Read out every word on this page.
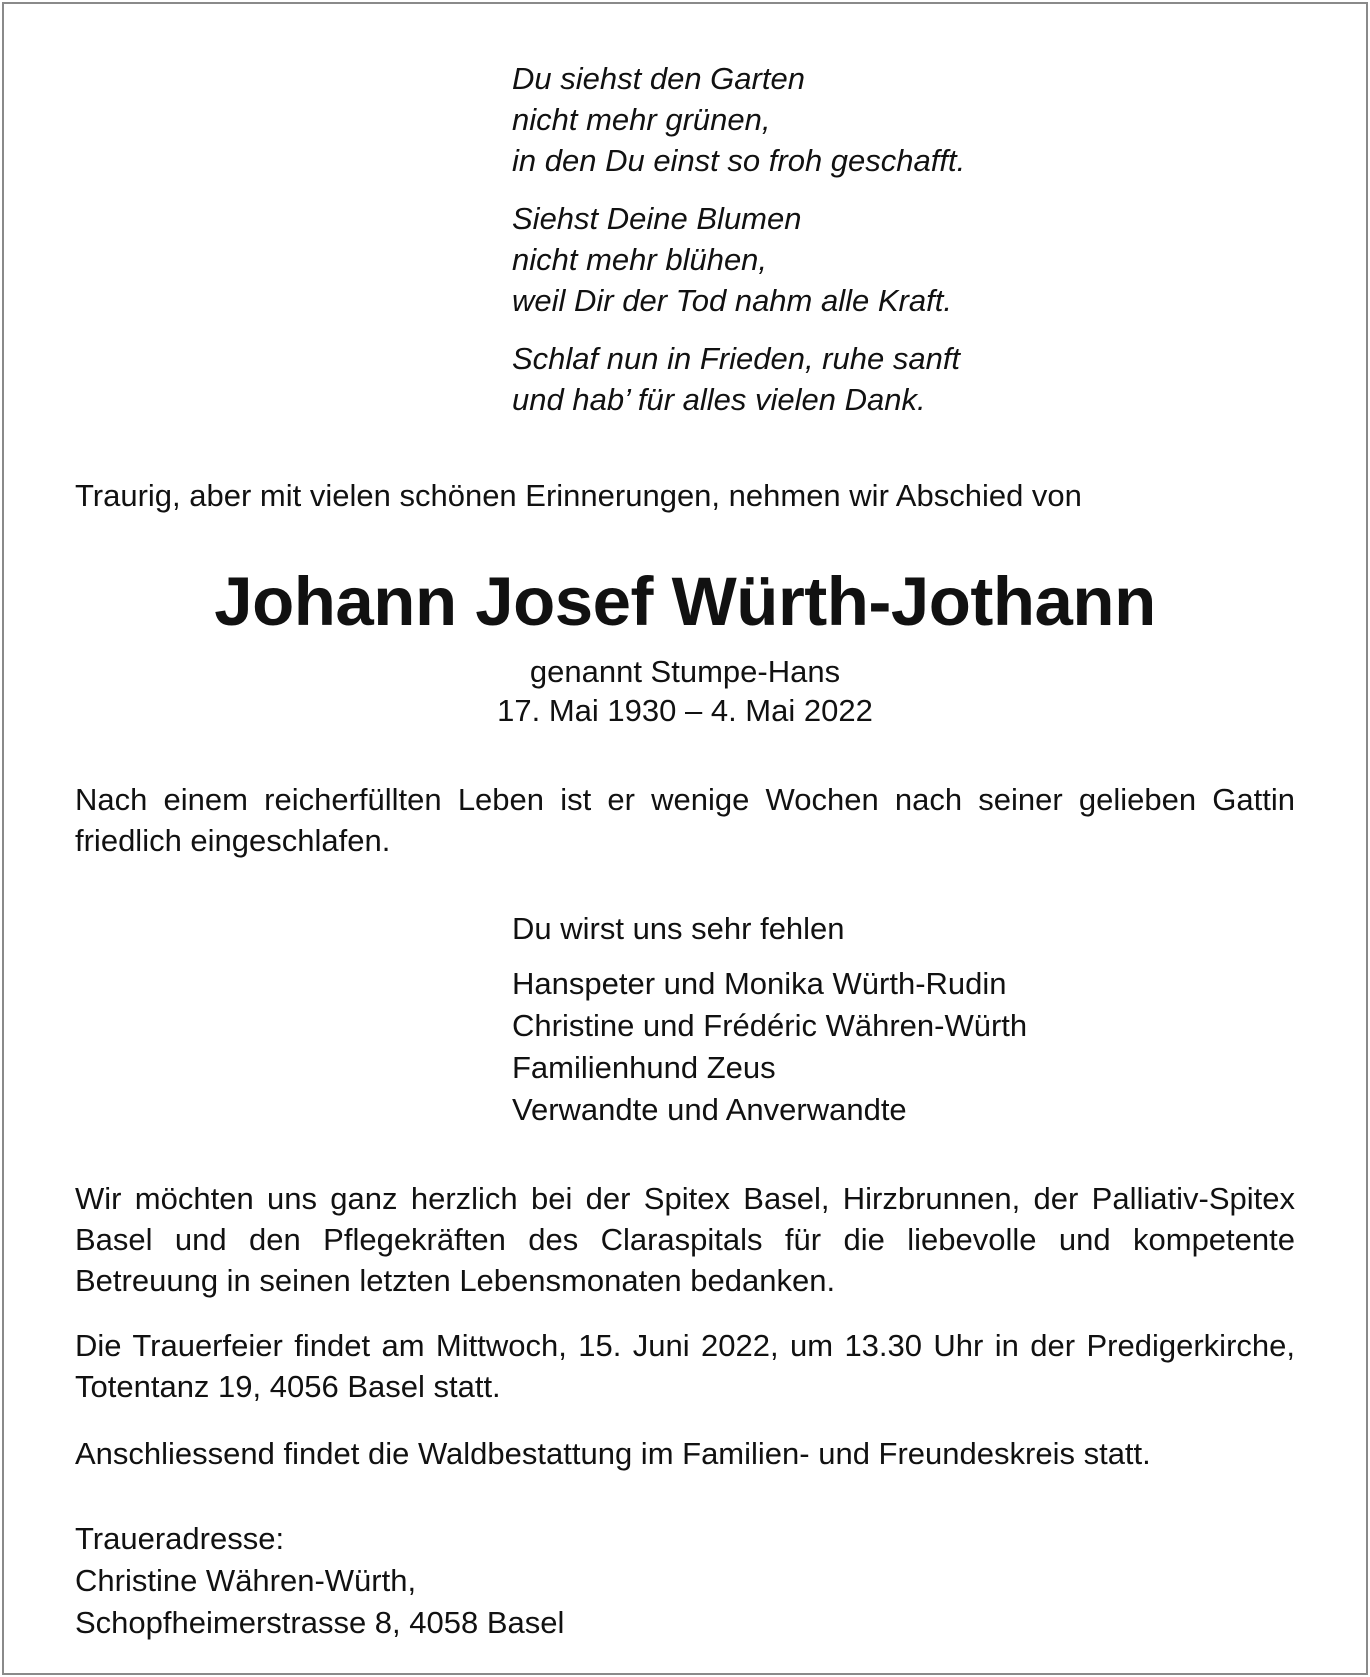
Du siehst den Garten

nicht mehr grünen,

in den Du einst so froh geschafft.

Siehst Deine Blumen

nicht mehr blühen,

weil Dir der Tod nahm alle Kraft.

Schlaf nun in Frieden, ruhe sanft

und hab’ für alles vielen Dank.

Traurig, aber mit vielen schönen Erinnerungen, nehmen wir Abschied von
Johann Josef Würth-Jothann
genannt Stumpe-Hans
17. Mai 1930 – 4. Mai 2022

Nach einem reicherfüllten Leben ist er wenige Wochen nach seiner gelieben Gattin friedlich eingeschlafen.

Du wirst uns sehr fehlen

Hanspeter und Monika Würth-Rudin

Christine und Frédéric Währen-Würth

Familienhund Zeus

Verwandte und Anverwandte

Wir möchten uns ganz herzlich bei der Spitex Basel, Hirzbrunnen, der Palliativ-Spitex Basel und den Pflegekräften des Claraspitals für die liebevolle und kompetente Betreuung in seinen letzten Lebensmonaten bedanken.

Die Trauerfeier findet am Mittwoch, 15. Juni 2022, um 13.30 Uhr in der Predigerkirche, Totentanz 19, 4056 Basel statt.

Anschliessend findet die Waldbestattung im Familien- und Freundeskreis statt.

Traueradresse:

Christine Währen-Würth,

Schopfheimerstrasse 8, 4058 Basel
